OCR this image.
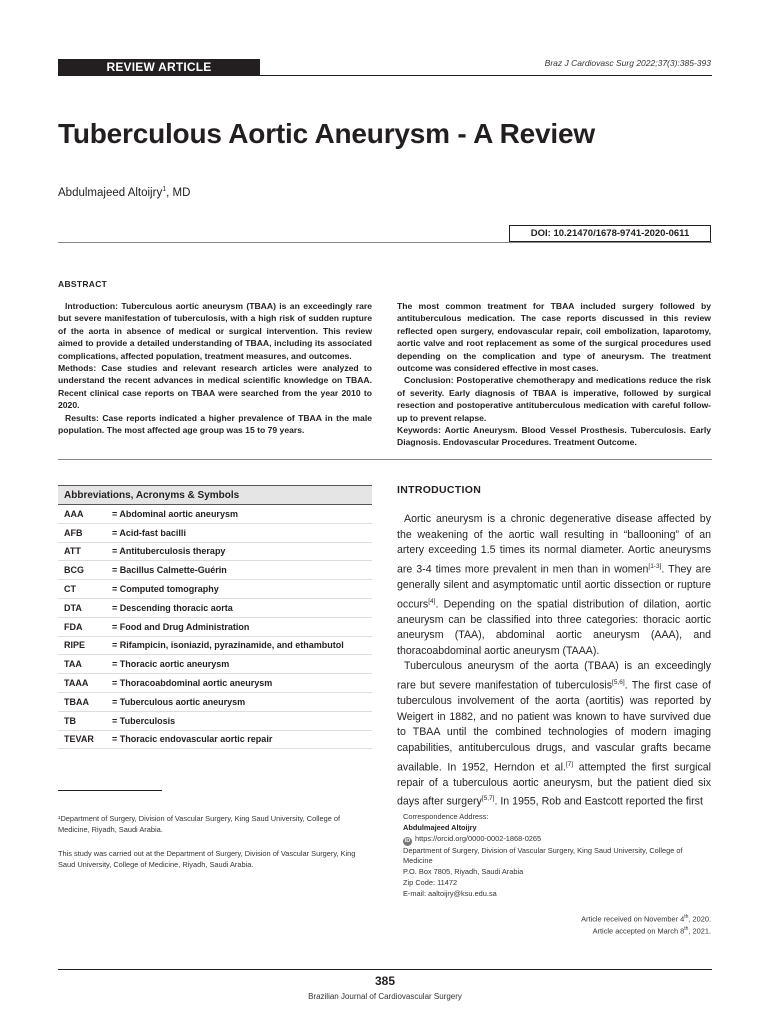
REVIEW ARTICLE	Braz J Cardiovasc Surg 2022;37(3):385-393
Tuberculous Aortic Aneurysm - A Review
Abdulmajeed Altoijry$^1$, MD
DOI: 10.21470/1678-9741-2020-0611
ABSTRACT

Introduction: Tuberculous aortic aneurysm (TBAA) is an exceedingly rare but severe manifestation of tuberculosis, with a high risk of sudden rupture of the aorta in absence of medical or surgical intervention. This review aimed to provide a detailed understanding of TBAA, including its associated complications, affected population, treatment measures, and outcomes.

Methods: Case studies and relevant research articles were analyzed to understand the recent advances in medical scientific knowledge on TBAA. Recent clinical case reports on TBAA were searched from the year 2010 to 2020.

Results: Case reports indicated a higher prevalence of TBAA in the male population. The most affected age group was 15 to 79 years.

The most common treatment for TBAA included surgery followed by antituberculous medication. The case reports discussed in this review reflected open surgery, endovascular repair, coil embolization, laparotomy, aortic valve and root replacement as some of the surgical procedures used depending on the complication and type of aneurysm. The treatment outcome was considered effective in most cases.

Conclusion: Postoperative chemotherapy and medications reduce the risk of severity. Early diagnosis of TBAA is imperative, followed by surgical resection and postoperative antituberculous medication with careful follow-up to prevent relapse.

Keywords: Aortic Aneurysm. Blood Vessel Prosthesis. Tuberculosis. Early Diagnosis. Endovascular Procedures. Treatment Outcome.

Abbreviations, Acronyms & Symbols
AAA	= Abdominal aortic aneurysm
AFB	= Acid-fast bacilli
ATT	= Antituberculosis therapy
BCG	= Bacillus Calmette-Guérin
CT	= Computed tomography
DTA	= Descending thoracic aorta
FDA	= Food and Drug Administration
RIPE	= Rifampicin, isoniazid, pyrazinamide, and ethambutol
TAA	= Thoracic aortic aneurysm
TAAA	= Thoracoabdominal aortic aneurysm
TBAA	= Tuberculous aortic aneurysm
TB	= Tuberculosis
TEVAR	= Thoracic endovascular aortic repair
INTRODUCTION

Aortic aneurysm is a chronic degenerative disease affected by the weakening of the aortic wall resulting in “ballooning” of an artery exceeding 1.5 times its normal diameter. Aortic aneurysms are 3-4 times more prevalent in men than in women[1-3]. They are generally silent and asymptomatic until aortic dissection or rupture occurs[4]. Depending on the spatial distribution of dilation, aortic aneurysm can be classified into three categories: thoracic aortic aneurysm (TAA), abdominal aortic aneurysm (AAA), and thoracoabdominal aortic aneurysm (TAAA).

Tuberculous aneurysm of the aorta (TBAA) is an exceedingly rare but severe manifestation of tuberculosis[5,6]. The first case of tuberculous involvement of the aorta (aortitis) was reported by Weigert in 1882, and no patient was known to have survived due to TBAA until the combined technologies of modern imaging capabilities, antituberculous drugs, and vascular grafts became available. In 1952, Herndon et al.[7] attempted the first surgical repair of a tuberculous aortic aneurysm, but the patient died six days after surgery[5,7]. In 1955, Rob and Eastcott reported the first

¹Department of Surgery, Division of Vascular Surgery, King Saud University, College of Medicine, Riyadh, Saudi Arabia.
This study was carried out at the Department of Surgery, Division of Vascular Surgery, King Saud University, College of Medicine, Riyadh, Saudi Arabia.
Correspondence Address:
Abdulmajeed Altoijry
iD https://orcid.org/0000-0002-1868-0265
Department of Surgery, Division of Vascular Surgery, King Saud University, College of Medicine
P.O. Box 7805, Riyadh, Saudi Arabia
Zip Code: 11472
E-mail: aaltoijry@ksu.edu.sa
Article received on November 4th, 2020.
Article accepted on March 8th, 2021.
385
Brazilian Journal of Cardiovascular Surgery
